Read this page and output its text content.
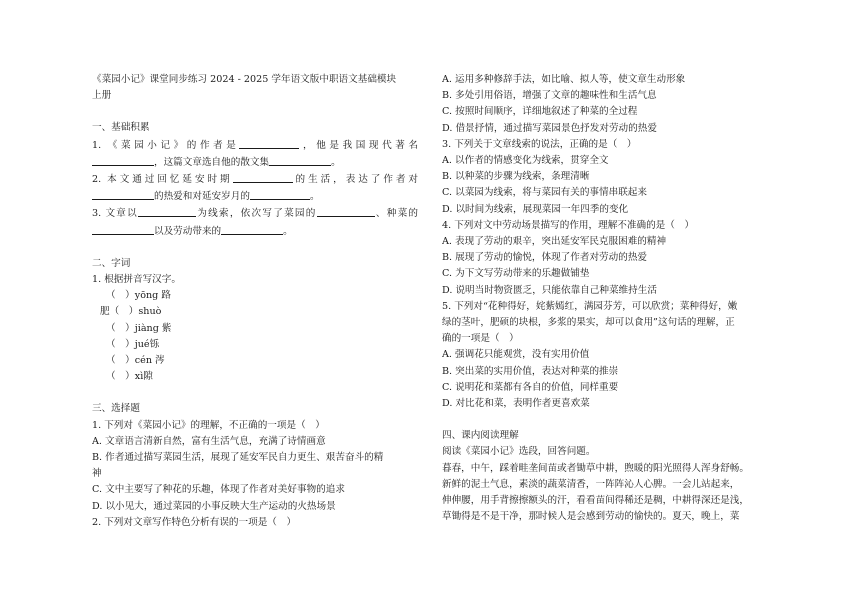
《菜园小记》课堂同步练习 2024 - 2025 学年语文版中职语文基础模块
上册
一、基础积累
1. 《菜园小记》的作者是	，他是我国现代著名
，这篇文章选自他的散文集	。
2. 本文通过回忆延安时期	的生活，表达了作者对
的热爱和对延安岁月的	。
3. 文章以	为线索，依次写了菜园的	、种菜的
以及劳动带来的	。
二、字词
1. 根据拼音写汉字。
（　）yōng 路
肥（　）shuò
（　）jiàng 紫
（　）jué铄
（　）cén 涔
（　）xì隙
三、选择题
1. 下列对《菜园小记》的理解，不正确的一项是（　）
A. 文章语言清新自然，富有生活气息，充满了诗情画意
B. 作者通过描写菜园生活，展现了延安军民自力更生、艰苦奋斗的精
神
C. 文中主要写了种花的乐趣，体现了作者对美好事物的追求
D. 以小见大，通过菜园的小事反映大生产运动的火热场景
2. 下列对文章写作特色分析有误的一项是（　）
A. 运用多种修辞手法，如比喻、拟人等，使文章生动形象
B. 多处引用俗语，增强了文章的趣味性和生活气息
C. 按照时间顺序，详细地叙述了种菜的全过程
D. 借景抒情，通过描写菜园景色抒发对劳动的热爱
3. 下列关于文章线索的说法，正确的是（　）
A. 以作者的情感变化为线索，贯穿全文
B. 以种菜的步骤为线索，条理清晰
C. 以菜园为线索，将与菜园有关的事情串联起来
D. 以时间为线索，展现菜园一年四季的变化
4. 下列对文中劳动场景描写的作用，理解不准确的是（　）
A. 表现了劳动的艰辛，突出延安军民克服困难的精神
B. 展现了劳动的愉悦，体现了作者对劳动的热爱
C. 为下文写劳动带来的乐趣做铺垫
D. 说明当时物资匮乏，只能依靠自己种菜维持生活
5. 下列对“花种得好，姹紫嫣红，满园芬芳，可以欣赏；菜种得好，嫩
绿的茎叶，肥硕的块根，多浆的果实，却可以食用”这句话的理解，正
确的一项是（　）
A. 强调花只能观赏，没有实用价值
B. 突出菜的实用价值，表达对种菜的推崇
C. 说明花和菜都有各自的价值，同样重要
D. 对比花和菜，表明作者更喜欢菜
四、课内阅读理解
阅读《菜园小记》选段，回答问题。
暮春，中午，踩着畦垄间苗或者锄草中耕，煦暖的阳光照得人浑身舒畅。
新鲜的泥土气息，素淡的蔬菜清香，一阵阵沁人心脾。一会儿站起来，
伸伸腰，用手背擦擦额头的汗，看看苗间得稀还是稠，中耕得深还是浅，
草锄得是不是干净，那时候人是会感到劳动的愉快的。夏天，晚上，菜
